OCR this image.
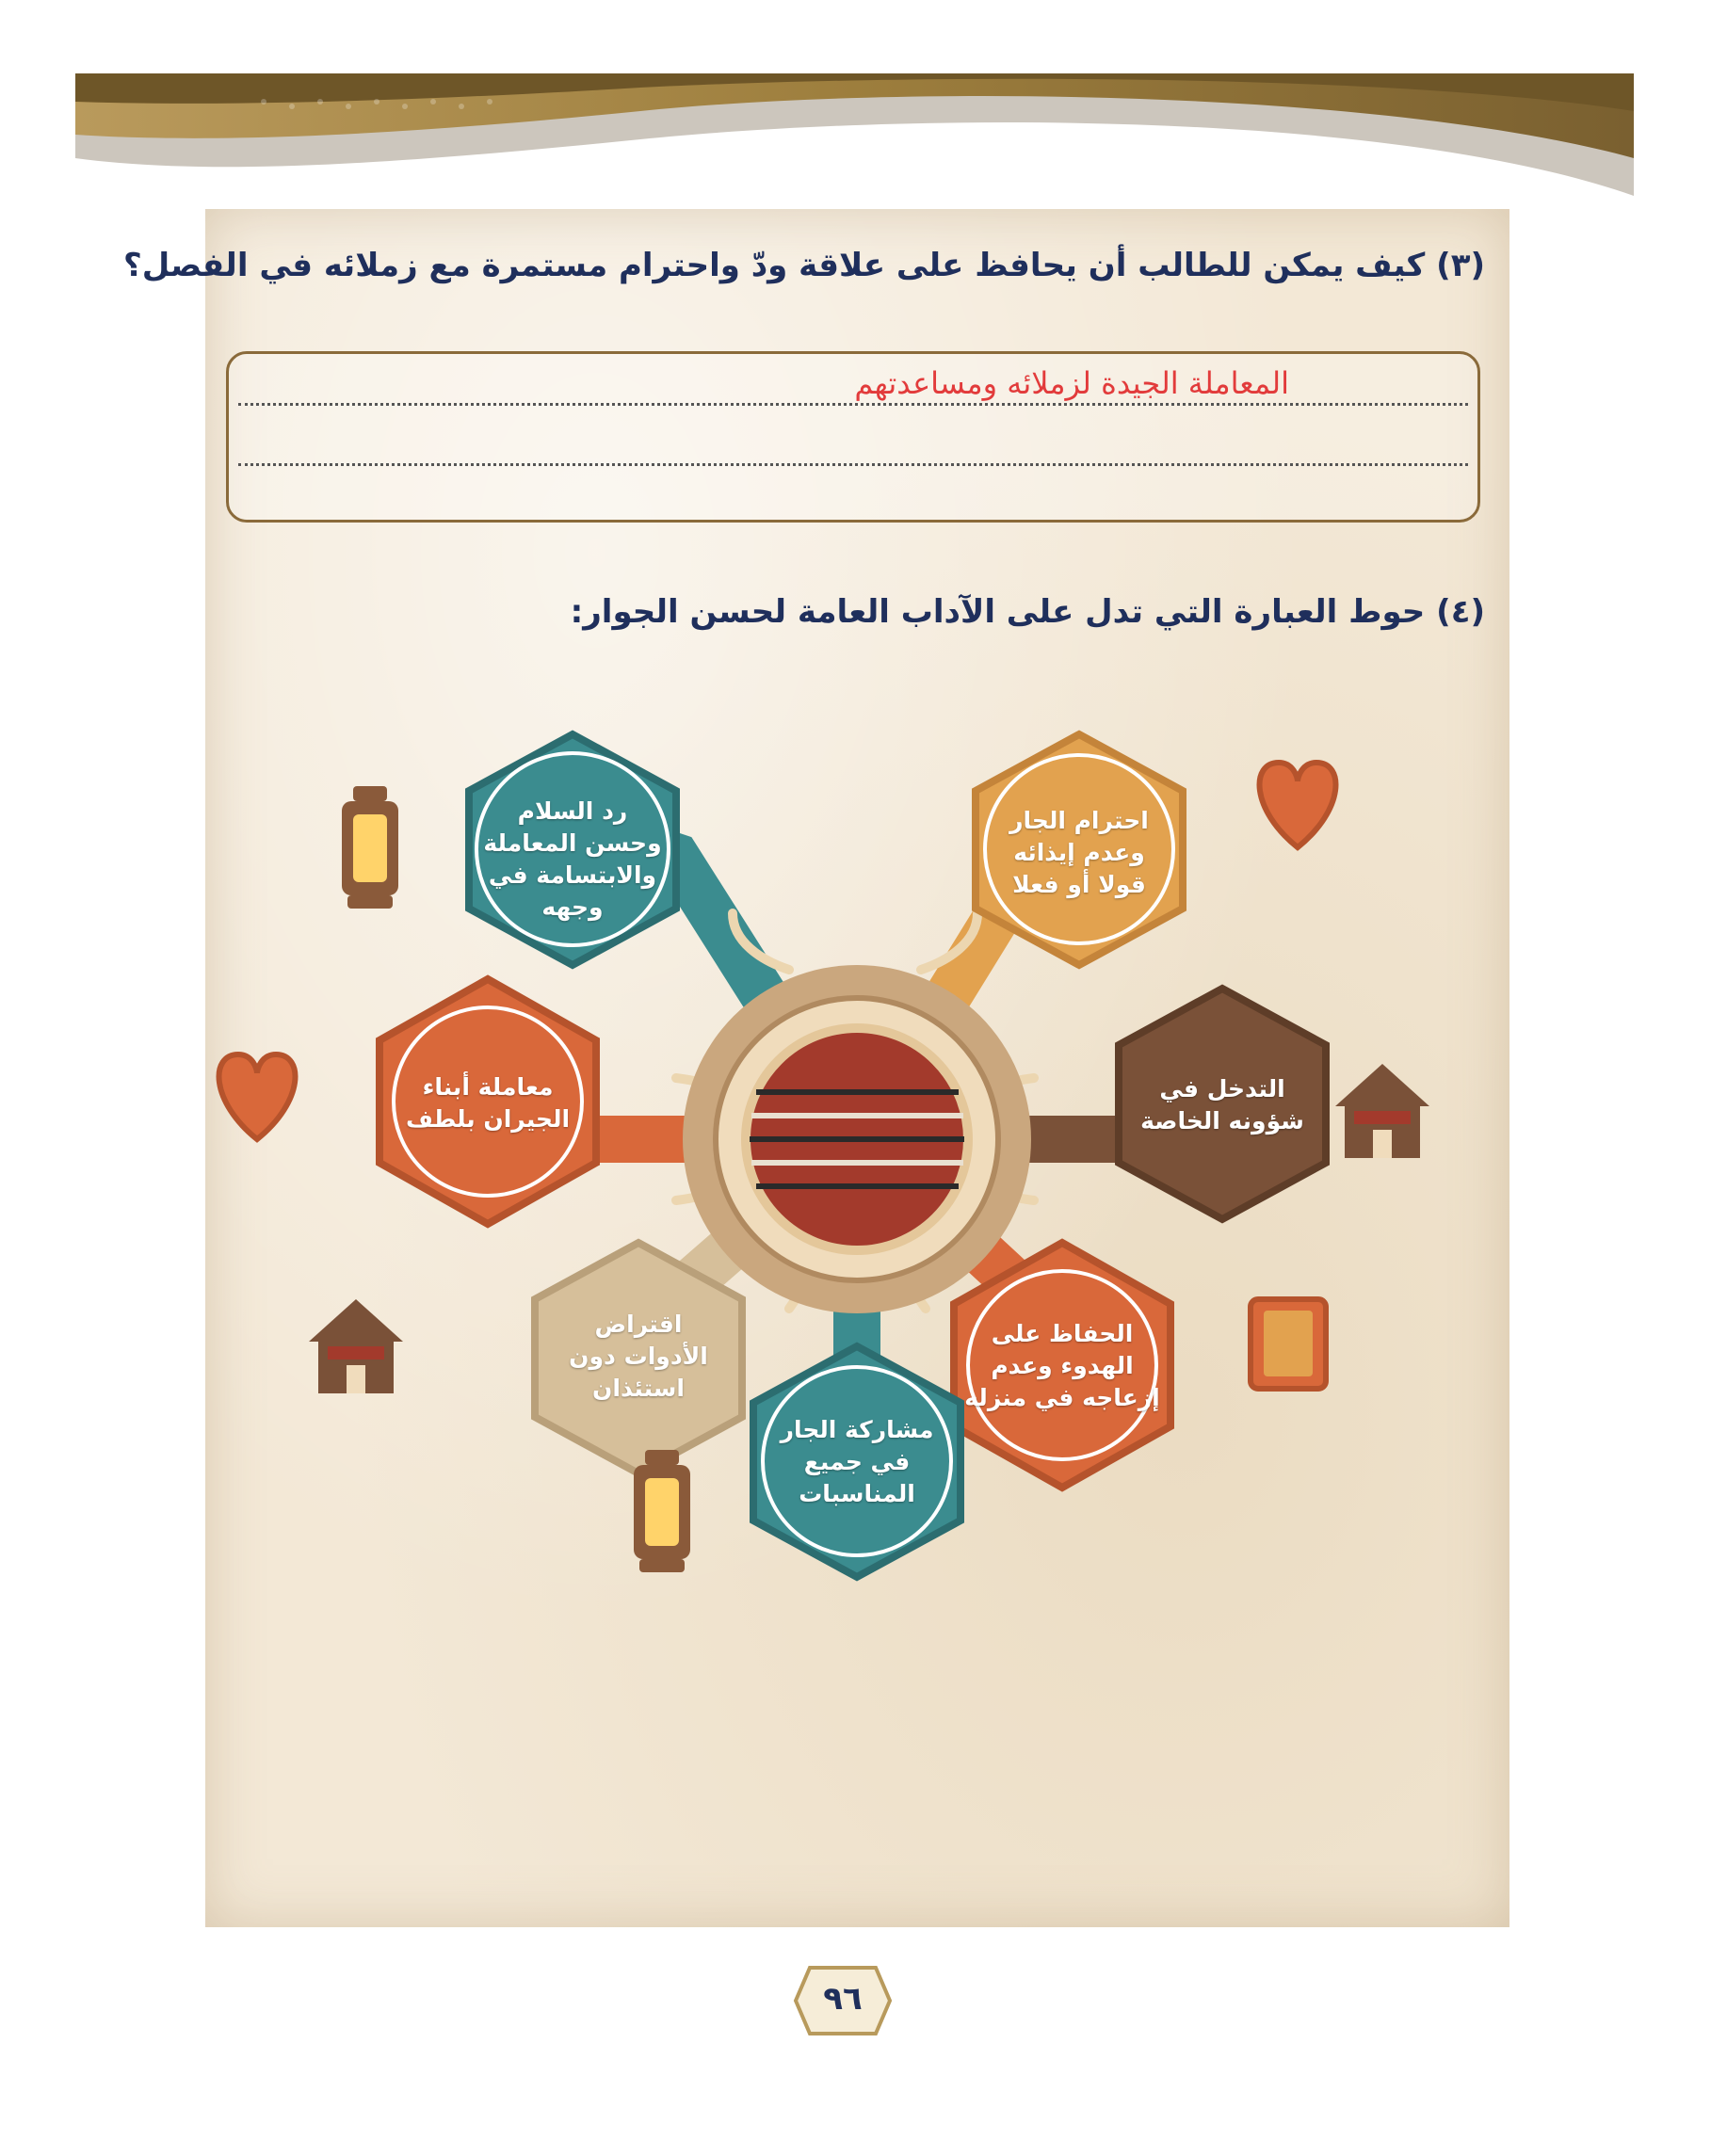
(٣) كيف يمكن للطالب أن يحافظ على علاقة ودّ واحترام مستمرة مع زملائه في الفصل؟
المعاملة الجيدة لزملائه ومساعدتهم
(٤) حوط العبارة التي تدل على الآداب العامة لحسن الجوار:
رد السلام
وحسن المعاملة
والابتسامة في
وجهه
احترام الجار
وعدم إيذائه
قولا أو فعلا
معاملة أبناء
الجيران بلطف
التدخل في
شؤونه الخاصة
اقتراض
الأدوات دون
استئذان
الحفاظ على
الهدوء وعدم
إزعاجه في منزله
مشاركة الجار
في جميع
المناسبات
٩٦
